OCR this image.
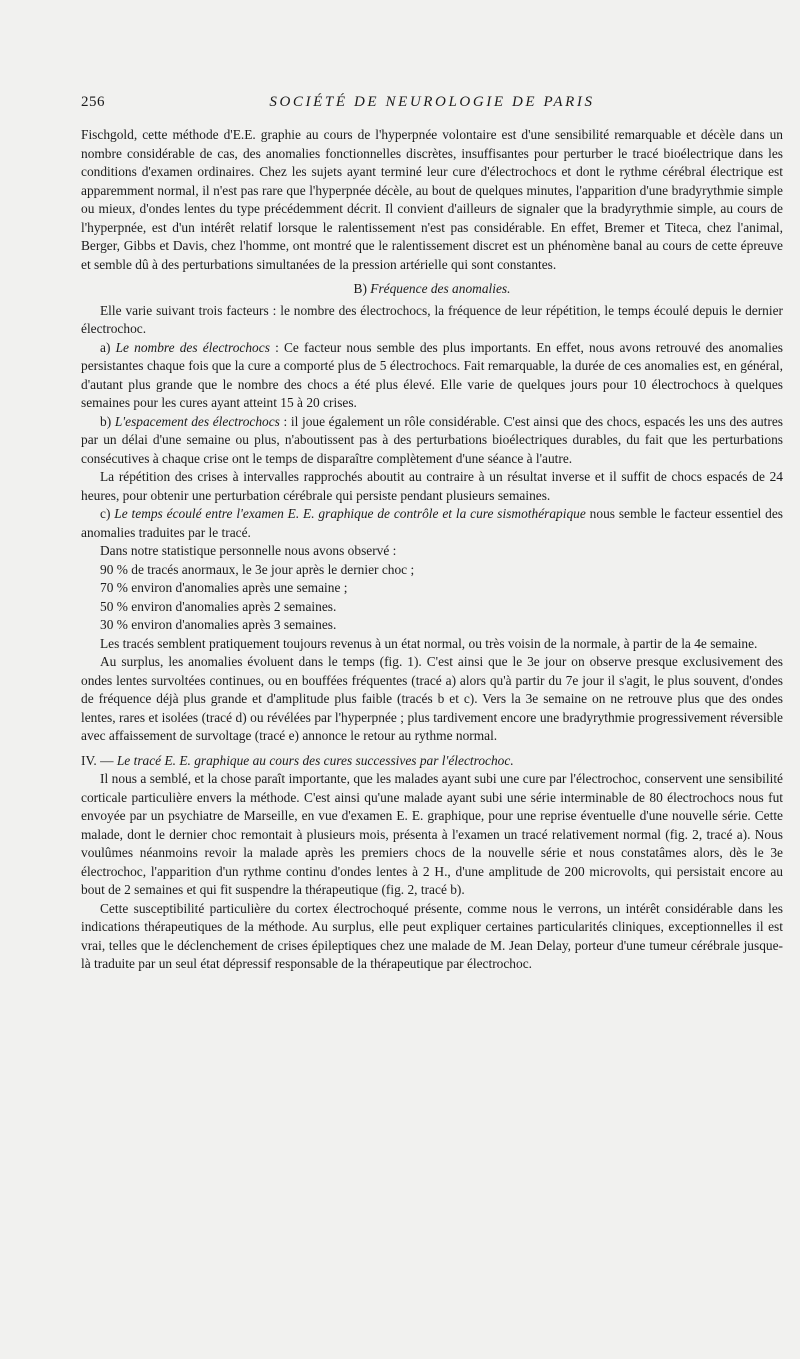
256	SOCIÉTÉ DE NEUROLOGIE DE PARIS

Fischgold, cette méthode d'E.E. graphie au cours de l'hyperpnée volontaire est d'une sensibilité remarquable et décèle dans un nombre considérable de cas, des anomalies fonctionnelles discrètes, insuffisantes pour perturber le tracé bioélectrique dans les conditions d'examen ordinaires. Chez les sujets ayant terminé leur cure d'électrochocs et dont le rythme cérébral électrique est apparemment normal, il n'est pas rare que l'hyperpnée décèle, au bout de quelques minutes, l'apparition d'une bradyrythmie simple ou mieux, d'ondes lentes du type précédemment décrit. Il convient d'ailleurs de signaler que la bradyrythmie simple, au cours de l'hyperpnée, est d'un intérêt relatif lorsque le ralentissement n'est pas considérable. En effet, Bremer et Titeca, chez l'animal, Berger, Gibbs et Davis, chez l'homme, ont montré que le ralentissement discret est un phénomène banal au cours de cette épreuve et semble dû à des perturbations simultanées de la pression artérielle qui sont constantes.

B) Fréquence des anomalies.

Elle varie suivant trois facteurs : le nombre des électrochocs, la fréquence de leur répétition, le temps écoulé depuis le dernier électrochoc.

a) Le nombre des électrochocs : Ce facteur nous semble des plus importants. En effet, nous avons retrouvé des anomalies persistantes chaque fois que la cure a comporté plus de 5 électrochocs. Fait remarquable, la durée de ces anomalies est, en général, d'autant plus grande que le nombre des chocs a été plus élevé. Elle varie de quelques jours pour 10 électrochocs à quelques semaines pour les cures ayant atteint 15 à 20 crises.

b) L'espacement des électrochocs : il joue également un rôle considérable. C'est ainsi que des chocs, espacés les uns des autres par un délai d'une semaine ou plus, n'aboutissent pas à des perturbations bioélectriques durables, du fait que les perturbations consécutives à chaque crise ont le temps de disparaître complètement d'une séance à l'autre.

La répétition des crises à intervalles rapprochés aboutit au contraire à un résultat inverse et il suffit de chocs espacés de 24 heures, pour obtenir une perturbation cérébrale qui persiste pendant plusieurs semaines.

c) Le temps écoulé entre l'examen E. E. graphique de contrôle et la cure sismothérapique nous semble le facteur essentiel des anomalies traduites par le tracé.

Dans notre statistique personnelle nous avons observé :

90 % de tracés anormaux, le 3e jour après le dernier choc ;

70 % environ d'anomalies après une semaine ;

50 % environ d'anomalies après 2 semaines.

30 % environ d'anomalies après 3 semaines.

Les tracés semblent pratiquement toujours revenus à un état normal, ou très voisin de la normale, à partir de la 4e semaine.

Au surplus, les anomalies évoluent dans le temps (fig. 1). C'est ainsi que le 3e jour on observe presque exclusivement des ondes lentes survoltées continues, ou en bouffées fréquentes (tracé a) alors qu'à partir du 7e jour il s'agit, le plus souvent, d'ondes de fréquence déjà plus grande et d'amplitude plus faible (tracés b et c). Vers la 3e semaine on ne retrouve plus que des ondes lentes, rares et isolées (tracé d) ou révélées par l'hyperpnée ; plus tardivement encore une bradyrythmie progressivement réversible avec affaissement de survoltage (tracé e) annonce le retour au rythme normal.

IV. — Le tracé E. E. graphique au cours des cures successives par l'électrochoc.

Il nous a semblé, et la chose paraît importante, que les malades ayant subi une cure par l'électrochoc, conservent une sensibilité corticale particulière envers la méthode. C'est ainsi qu'une malade ayant subi une série interminable de 80 électrochocs nous fut envoyée par un psychiatre de Marseille, en vue d'examen E. E. graphique, pour une reprise éventuelle d'une nouvelle série. Cette malade, dont le dernier choc remontait à plusieurs mois, présenta à l'examen un tracé relativement normal (fig. 2, tracé a). Nous voulûmes néanmoins revoir la malade après les premiers chocs de la nouvelle série et nous constatâmes alors, dès le 3e électrochoc, l'apparition d'un rythme continu d'ondes lentes à 2 H., d'une amplitude de 200 microvolts, qui persistait encore au bout de 2 semaines et qui fit suspendre la thérapeutique (fig. 2, tracé b).

Cette susceptibilité particulière du cortex électrochoqué présente, comme nous le verrons, un intérêt considérable dans les indications thérapeutiques de la méthode. Au surplus, elle peut expliquer certaines particularités cliniques, exceptionnelles il est vrai, telles que le déclenchement de crises épileptiques chez une malade de M. Jean Delay, porteur d'une tumeur cérébrale jusque-là traduite par un seul état dépressif responsable de la thérapeutique par électrochoc.
